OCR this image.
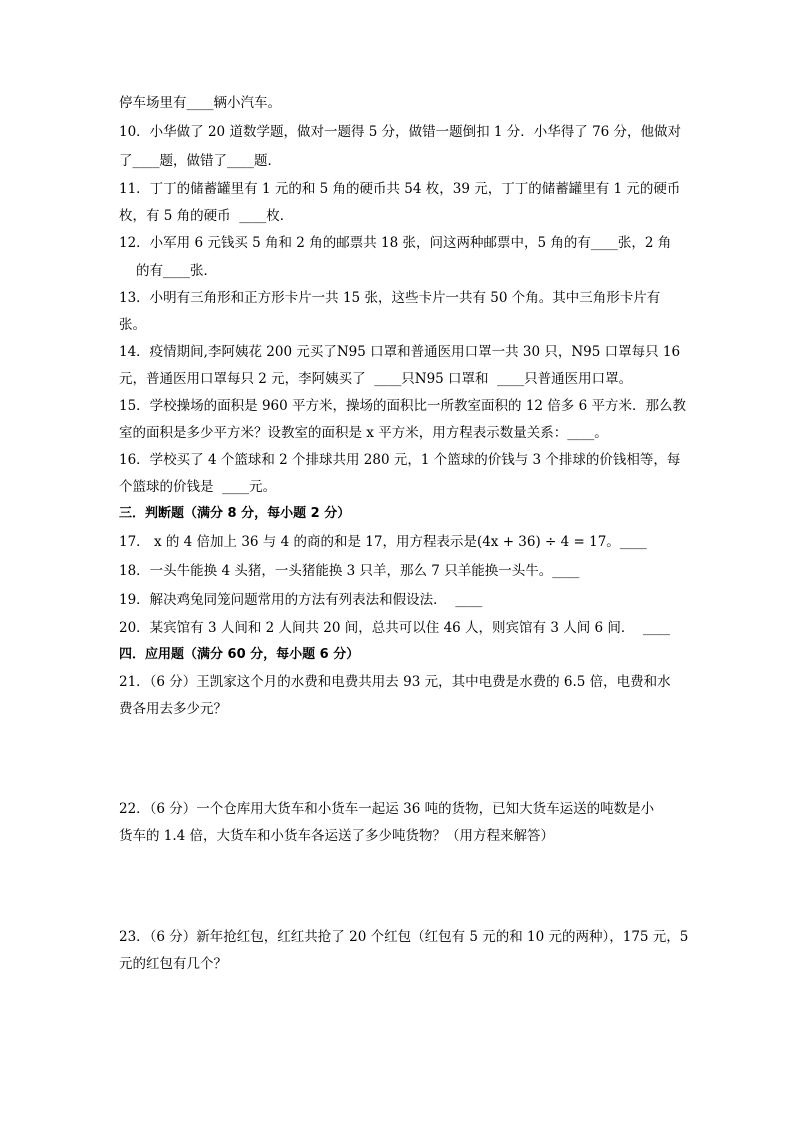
停车场里有____辆小汽车。
10．小华做了 20 道数学题，做对一题得 5 分，做错一题倒扣 1 分．小华得了 76 分，他做对
了____题，做错了____题．
11．丁丁的储蓄罐里有 1 元的和 5 角的硬币共 54 枚，39 元，丁丁的储蓄罐里有 1 元的硬币
枚，有 5 角的硬币  ____枚．
12．小军用 6 元钱买 5 角和 2 角的邮票共 18 张，问这两种邮票中，5 角的有____张，2 角
的有____张．
13．小明有三角形和正方形卡片一共 15 张，这些卡片一共有 50 个角。其中三角形卡片有
张。
14．疫情期间,李阿姨花 200 元买了N95 口罩和普通医用口罩一共 30 只，N95 口罩每只 16
元，普通医用口罩每只 2 元，李阿姨买了  ____只N95 口罩和  ____只普通医用口罩。
15．学校操场的面积是 960 平方米，操场的面积比一所教室面积的 12 倍多 6 平方米．那么教
室的面积是多少平方米？设教室的面积是 x 平方米，用方程表示数量关系：____。
16．学校买了 4 个篮球和 2 个排球共用 280 元，1 个篮球的价钱与 3 个排球的价钱相等，每
个篮球的价钱是  ____元。
三．判断题（满分 8 分，每小题 2 分）
17． x 的 4 倍加上 36 与 4 的商的和是 17，用方程表示是(4x + 36) ÷ 4 = 17。____
18．一头牛能换 4 头猪，一头猪能换 3 只羊，那么 7 只羊能换一头牛。____
19．解决鸡兔同笼问题常用的方法有列表法和假设法．  ____
20．某宾馆有 3 人间和 2 人间共 20 间，总共可以住 46 人，则宾馆有 3 人间 6 间．  ____
四．应用题（满分 60 分，每小题 6 分）
21．（6 分）王凯家这个月的水费和电费共用去 93 元，其中电费是水费的 6.5 倍，电费和水
费各用去多少元？
22．（6 分）一个仓库用大货车和小货车一起运 36 吨的货物，已知大货车运送的吨数是小
货车的 1.4 倍，大货车和小货车各运送了多少吨货物？（用方程来解答）
23．（6 分）新年抢红包，红红共抢了 20 个红包（红包有 5 元的和 10 元的两种），175 元，5
元的红包有几个？
